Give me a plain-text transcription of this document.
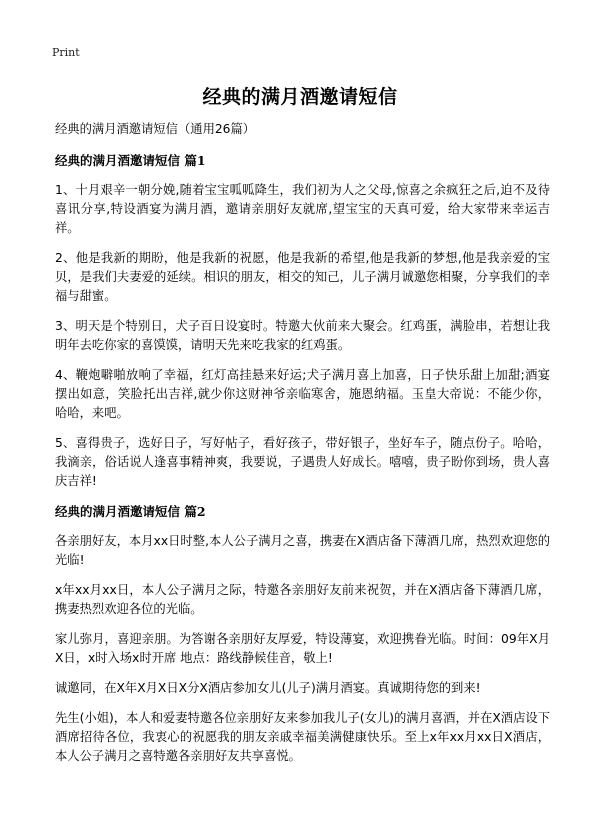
Print
经典的满月酒邀请短信

经典的满月酒邀请短信（通用26篇）

经典的满月酒邀请短信 篇1

1、十月艰辛一朝分娩,随着宝宝呱呱降生，我们初为人之父母,惊喜之余疯狂之后,迫不及待喜讯分享,特设酒宴为满月酒，邀请亲朋好友就席,望宝宝的天真可爱，给大家带来幸运吉祥。

2、他是我新的期盼，他是我新的祝愿，他是我新的希望,他是我新的梦想,他是我亲爱的宝贝，是我们夫妻爱的延续。相识的朋友，相交的知己，儿子满月诚邀您相聚，分享我们的幸福与甜蜜。

3、明天是个特别日，犬子百日设宴时。特邀大伙前来大聚会。红鸡蛋，满脸串，若想让我明年去吃你家的喜馍馍，请明天先来吃我家的红鸡蛋。

4、鞭炮噼啪放响了幸福，红灯高挂悬来好运;犬子满月喜上加喜，日子快乐甜上加甜;酒宴摆出如意，笑脸托出吉祥,就少你这财神爷亲临寒舍，施恩纳福。玉皇大帝说：不能少你，哈哈，来吧。

5、喜得贵子，选好日子，写好帖子，看好孩子，带好银子，坐好车子，随点份子。哈哈，我滴亲，俗话说人逢喜事精神爽，我要说，子遇贵人好成长。嘻嘻，贵子盼你到场，贵人喜庆吉祥!

经典的满月酒邀请短信 篇2

各亲朋好友，本月xx日时整,本人公子满月之喜，携妻在X酒店备下薄酒几席，热烈欢迎您的光临!

x年xx月xx日，本人公子满月之际，特邀各亲朋好友前来祝贺，并在X酒店备下薄酒几席，携妻热烈欢迎各位的光临。

家儿弥月，喜迎亲朋。为答谢各亲朋好友厚爱，特设薄宴，欢迎携眷光临。时间：09年X月X日，x时入场x时开席 地点：路线静候佳音，敬上!

诚邀同，在X年X月X日X分X酒店参加女儿(儿子)满月酒宴。真诚期待您的到来!

先生(小姐)，本人和爱妻特邀各位亲朋好友来参加我儿子(女儿)的满月喜酒，并在X酒店设下酒席招待各位，我衷心的祝愿我的朋友亲戚幸福美满健康快乐。至上x年xx月xx日X酒店，本人公子满月之喜特邀各亲朋好友共享喜悦。
